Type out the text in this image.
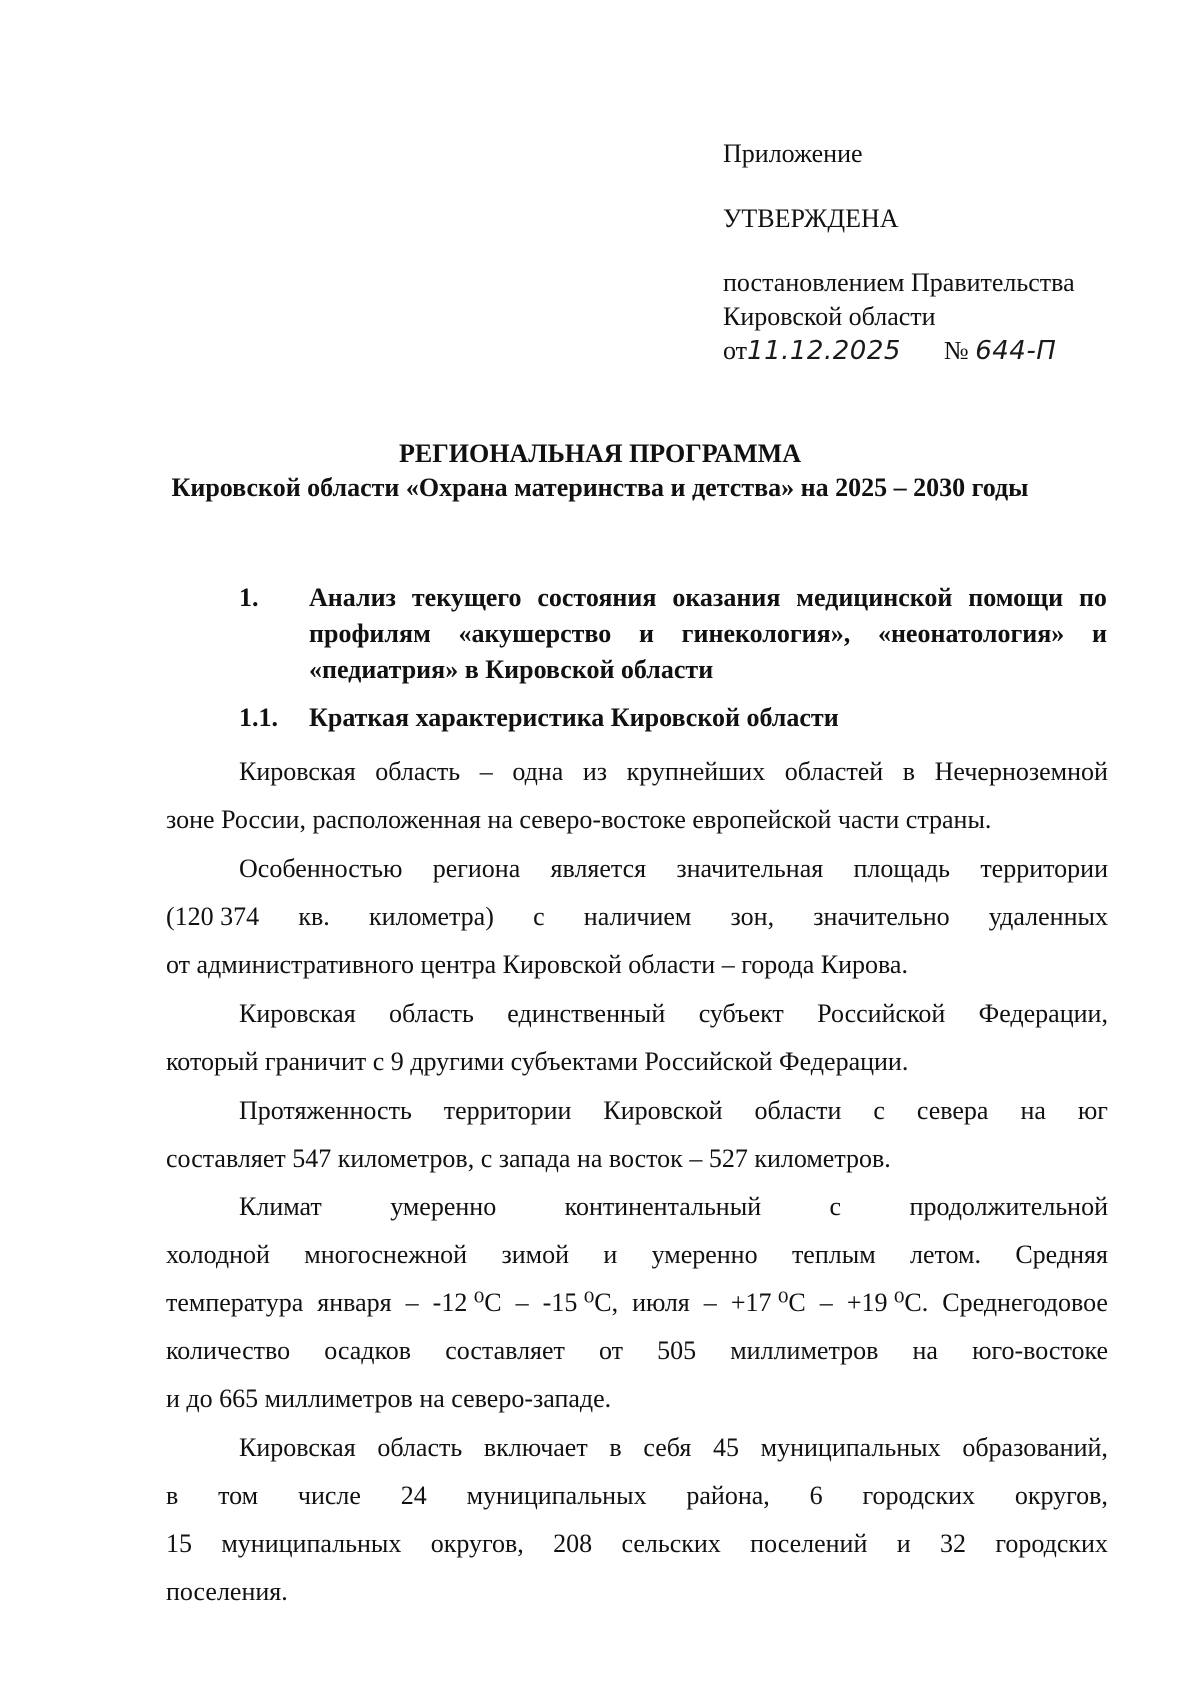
Приложение
УТВЕРЖДЕНА
постановлением Правительства
Кировской области
от11.12.2025 № 644-П
РЕГИОНАЛЬНАЯ ПРОГРАММА
Кировской области «Охрана материнства и детства» на 2025 – 2030 годы
1. Анализ текущего состояния оказания медицинской помощи по
профилям «акушерство и гинекология», «неонатология» и
«педиатрия» в Кировской области
1.1. Краткая характеристика Кировской области
Кировская область – одна из крупнейших областей в Нечерноземной
зоне России, расположенная на северо-востоке европейской части страны.
Особенностью региона является значительная площадь территории
(120 374 кв. километра) с наличием зон, значительно удаленных
от административного центра Кировской области – города Кирова.
Кировская область единственный субъект Российской Федерации,
который граничит с 9 другими субъектами Российской Федерации.
Протяженность территории Кировской области с севера на юг
составляет 547 километров, с запада на восток – 527 километров.
Климат	умеренно	континентальный	с	продолжительной
холодной многоснежной зимой и умеренно теплым летом. Средняя
температура января – -12 ⁰С – -15 ⁰С, июля – +17 ⁰С – +19 ⁰С. Среднегодовое
количество осадков составляет от 505 миллиметров на юго-востоке
и до 665 миллиметров на северо-западе.
Кировская область включает в себя 45 муниципальных образований,
в том числе 24 муниципальных района, 6 городских округов,
15 муниципальных округов, 208 сельских поселений и 32 городских
поселения.
